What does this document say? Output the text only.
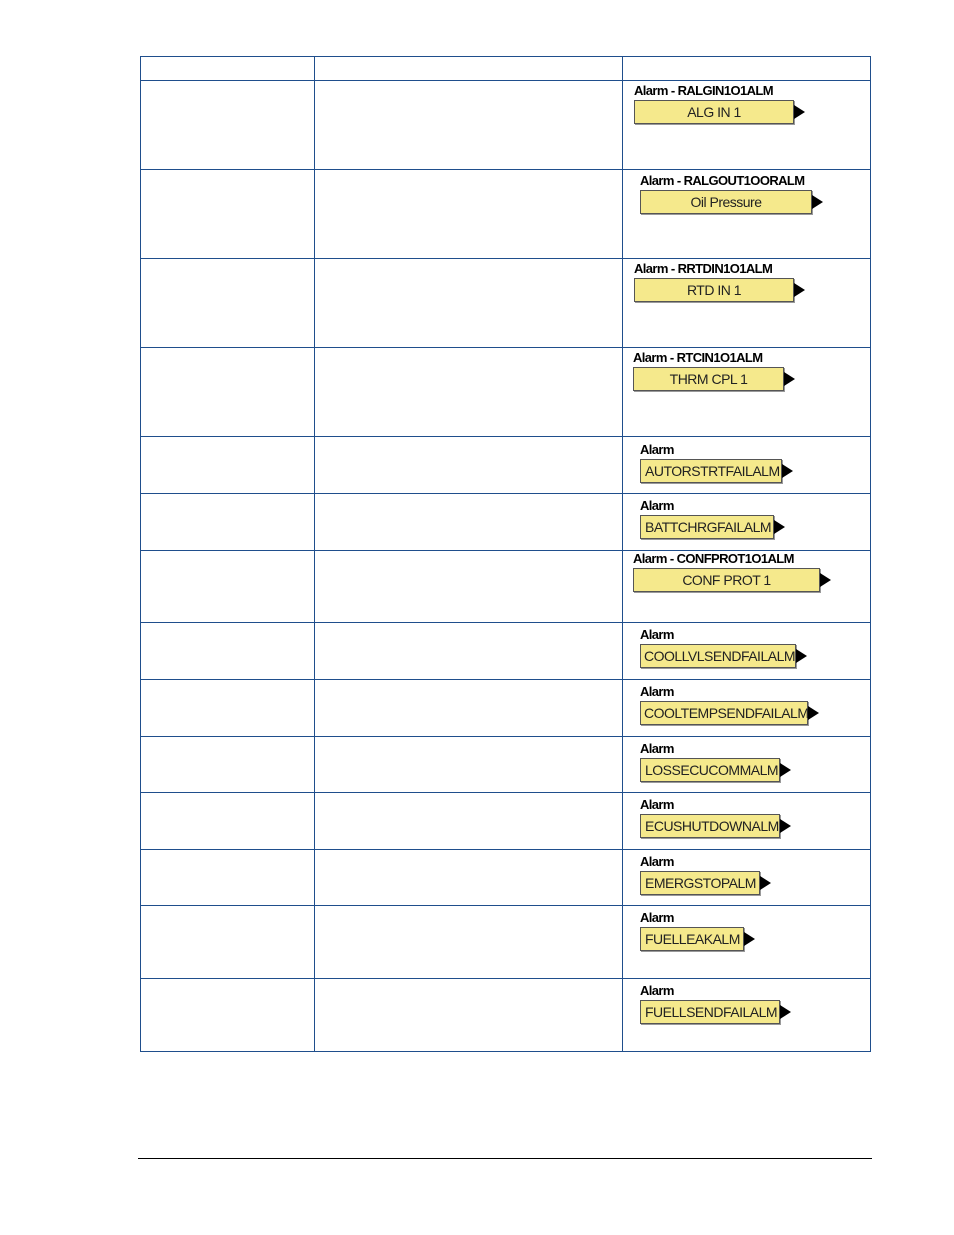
		Alarm - RALGIN1O1ALM
ALG IN 1

		Alarm - RALGOUT1OORALM
Oil Pressure

		Alarm - RRTDIN1O1ALM
RTD IN 1

		Alarm - RTCIN1O1ALM
THRM CPL 1

		Alarm
AUTORSTRTFAILALM

		Alarm
BATTCHRGFAILALM

		Alarm - CONFPROT1O1ALM
CONF PROT 1

		Alarm
COOLLVLSENDFAILALM

		Alarm
COOLTEMPSENDFAILALM

		Alarm
LOSSECUCOMMALM

		Alarm
ECUSHUTDOWNALM

		Alarm
EMERGSTOPALM

		Alarm
FUELLEAKALM

		Alarm
FUELLSENDFAILALM
